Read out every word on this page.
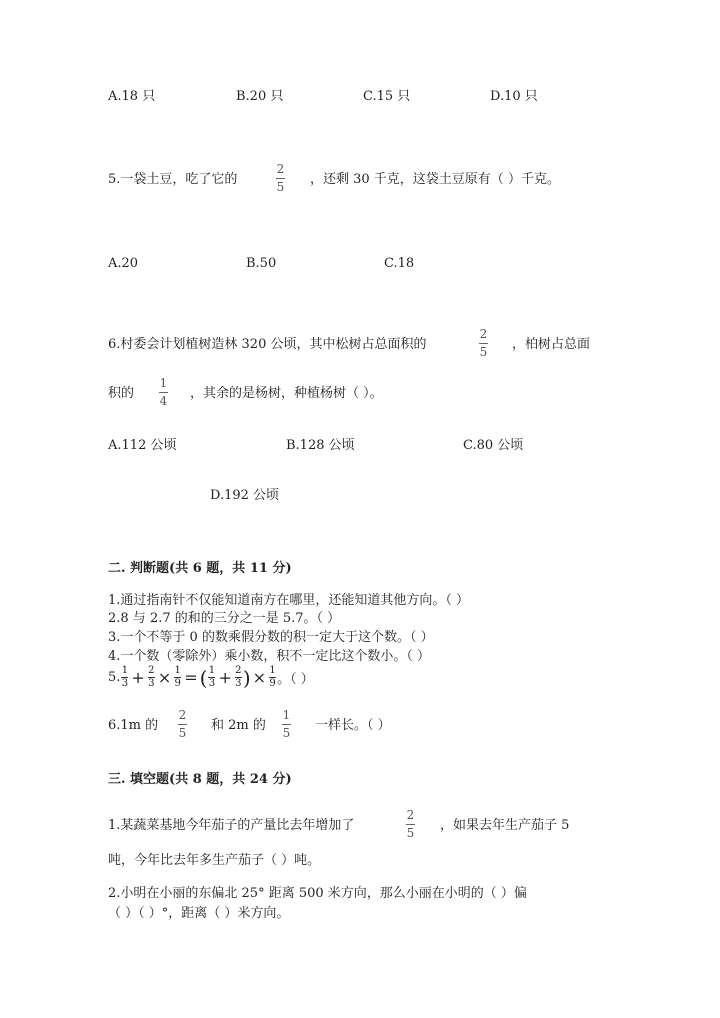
A.18 只	B.20 只	C.15 只	D.10 只
5.一袋土豆，吃了它的
2
5 ，还剩 30 千克，这袋土豆原有（ ）千克。
A.20	B.50	C.18
6.村委会计划植树造林 320 公顷，其中松树占总面积的
2
5 ，柏树占总面
积的
1
4 ，其余的是杨树，种植杨树（ ）。
A.112 公顷	B.128 公顷	C.80 公顷
D.192 公顷
二. 判断题(共 6 题，共 11 分)
1.通过指南针不仅能知道南方在哪里，还能知道其他方向。（ ）
2.8 与 2.7 的和的三分之一是 5.7。（ ）
3.一个不等于 0 的数乘假分数的积一定大于这个数。（ ）
4.一个数（零除外）乘小数，积不一定比这个数小。（ ）
5. 1
3 + 2
3 × 1
9 = ( 1
3 + 2
3 ) × 1
9 。（ ）
6.1m 的
2
5 和 2m 的
1
5 一样长。（ ）
三. 填空题(共 8 题，共 24 分)
1.某蔬菜基地今年茄子的产量比去年增加了
2
5 ，如果去年生产茄子 5
吨，今年比去年多生产茄子（ ）吨。
2.小明在小丽的东偏北 25° 距离 500 米方向，那么小丽在小明的（ ）偏
（ ）（ ）°，距离（ ）米方向。
